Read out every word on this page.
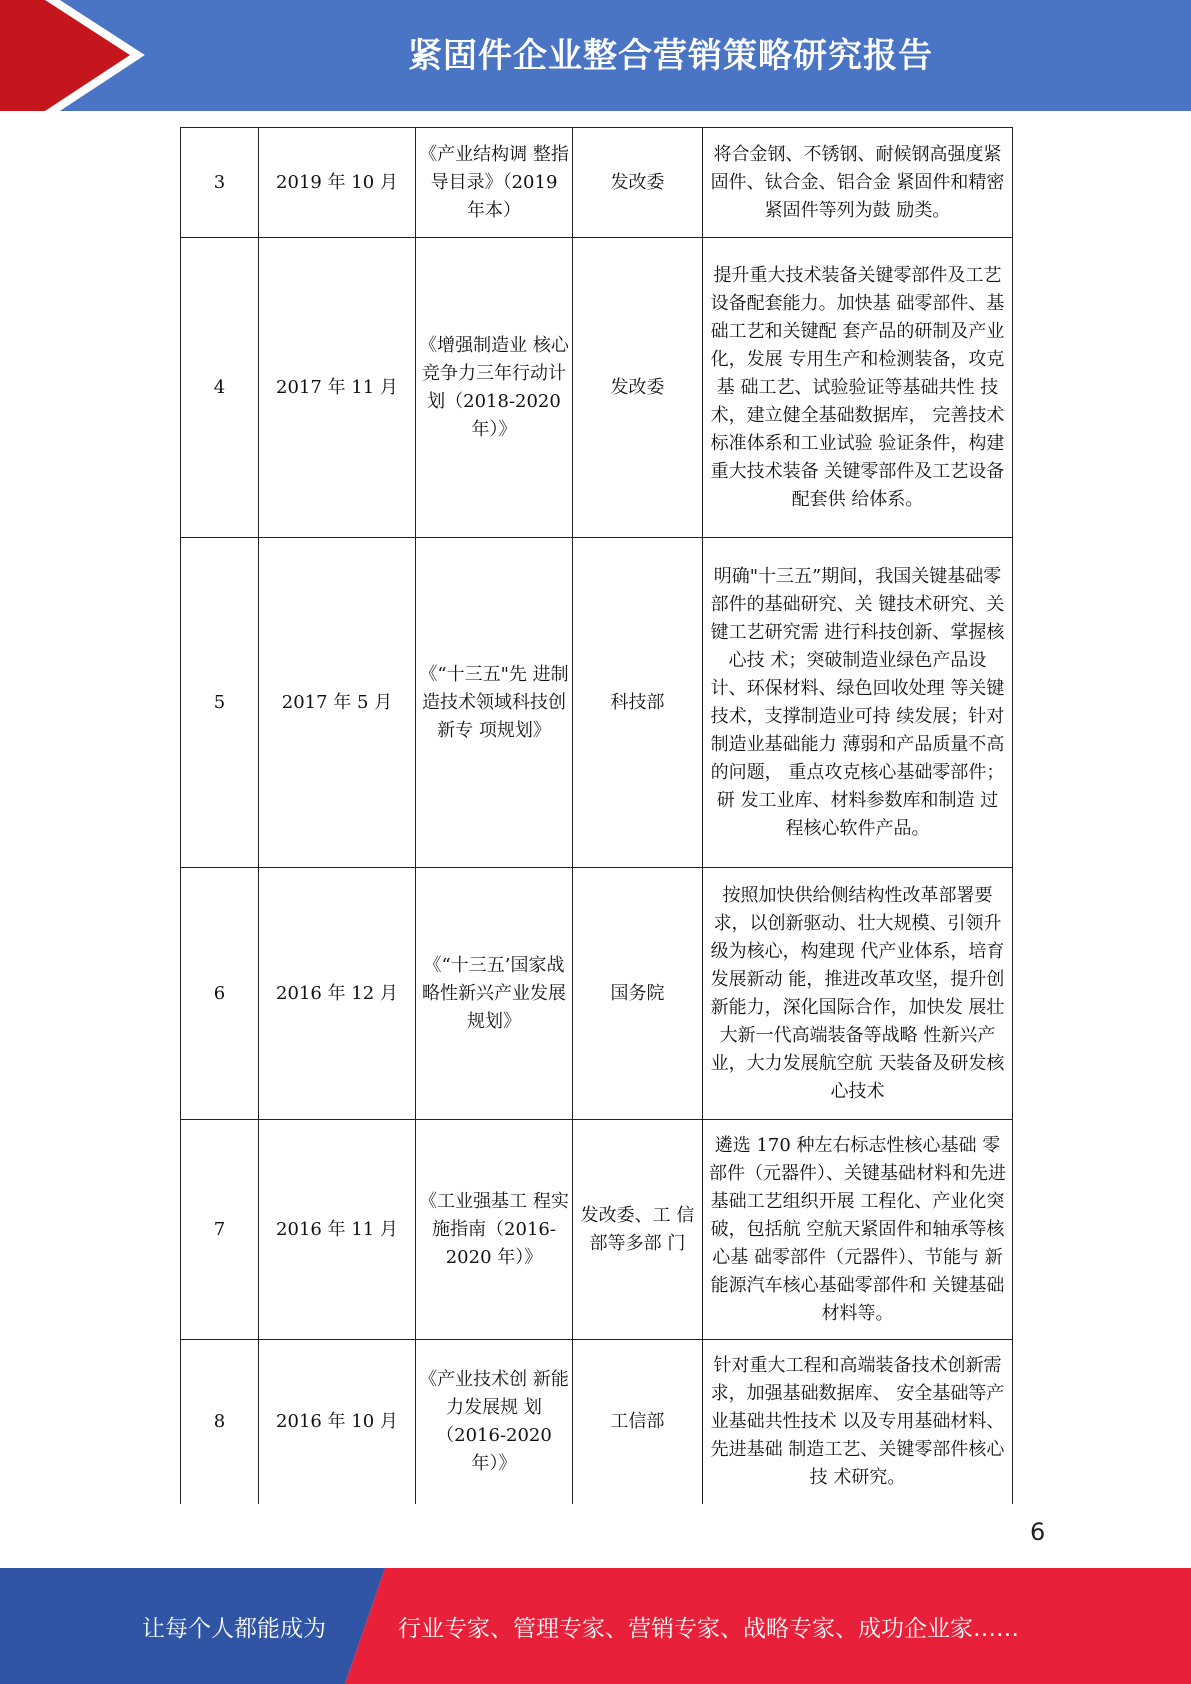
紧固件企业整合营销策略研究报告
3	2019 年 10 月	《产业结构调 整指导目录》（2019 年本）	发改委	将合金钢、不锈钢、耐候钢高强度紧固件、钛合金、铝合金 紧固件和精密紧固件等列为鼓 励类。
4	2017 年 11 月	《增强制造业 核心竞争力三年行动计划（2018-2020 年）》	发改委	提升重大技术装备关键零部件及工艺设备配套能力。加快基 础零部件、基础工艺和关键配 套产品的研制及产业化，发展 专用生产和检测装备，攻克基 础工艺、试验验证等基础共性 技术，建立健全基础数据库， 完善技术标准体系和工业试验 验证条件，构建重大技术装备 关键零部件及工艺设备配套供 给体系。
5	2017 年 5 月	《“十三五"先 进制造技术领域科技创新专 项规划》	科技部	明确"十三五”期间，我国关键基础零部件的基础研究、关 键技术研究、关键工艺研究需 进行科技创新、掌握核心技 术；突破制造业绿色产品设 计、环保材料、绿色回收处理 等关键技术，支撑制造业可持 续发展；针对制造业基础能力 薄弱和产品质量不高的问题， 重点攻克核心基础零部件；研 发工业库、材料参数库和制造 过程核心软件产品。
6	2016 年 12 月	《“十三五’国家战略性新兴产业发展规划》	国务院	按照加快供给侧结构性改革部署要求，以创新驱动、壮大规模、引领升级为核心，构建现 代产业体系，培育发展新动 能，推进改革攻坚，提升创新能力，深化国际合作，加快发 展壮大新一代高端装备等战略 性新兴产业，大力发展航空航 天装备及研发核心技术
7	2016 年 11 月	《工业强基工 程实施指南（2016-2020 年）》	发改委、工 信部等多部 门	遴选 170 种左右标志性核心基础 零部件（元器件）、关键基础材料和先进基础工艺组织开展 工程化、产业化突破，包括航 空航天紧固件和轴承等核心基 础零部件（元器件）、节能与 新能源汽车核心基础零部件和 关键基础材料等。
8	2016 年 10 月	《产业技术创 新能力发展规 划（2016-2020 年）》	工信部	针对重大工程和高端装备技术创新需求，加强基础数据库、 安全基础等产业基础共性技术 以及专用基础材料、先进基础 制造工艺、关键零部件核心技 术研究。
6
让每个人都能成为	行业专家、管理专家、营销专家、战略专家、成功企业家……
